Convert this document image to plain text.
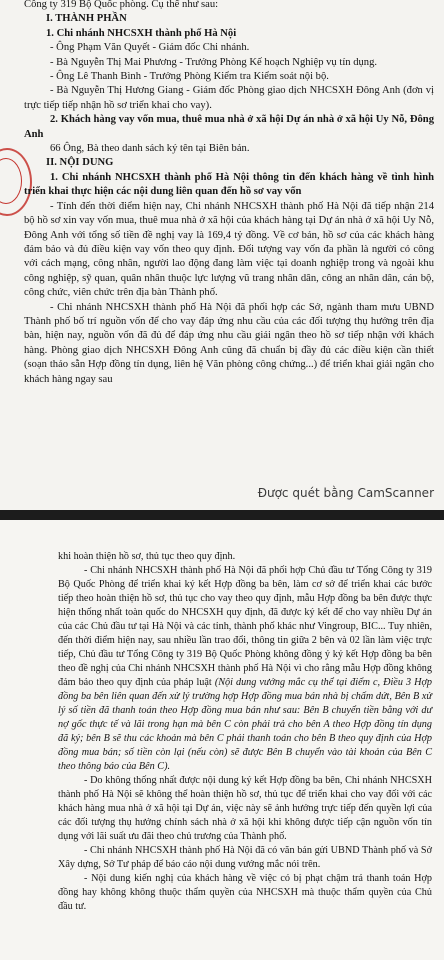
Công ty 319 Bộ Quốc phòng. Cụ thể như sau:

I. THÀNH PHẦN

1. Chi nhánh NHCSXH thành phố Hà Nội

- Ông Phạm Văn Quyết - Giám đốc Chi nhánh.

- Bà Nguyễn Thị Mai Phương - Trưởng Phòng Kế hoạch Nghiệp vụ tín dụng.

- Ông Lê Thanh Bình - Trưởng Phòng Kiểm tra Kiểm soát nội bộ.

- Bà Nguyễn Thị Hương Giang - Giám đốc Phòng giao dịch NHCSXH Đông Anh (đơn vị trực tiếp tiếp nhận hồ sơ triển khai cho vay).

2. Khách hàng vay vốn mua, thuê mua nhà ở xã hội Dự án nhà ở xã hội Uy Nỗ, Đông Anh

66 Ông, Bà theo danh sách ký tên tại Biên bản.

II. NỘI DUNG

1. Chi nhánh NHCSXH thành phố Hà Nội thông tin đến khách hàng về tình hình triển khai thực hiện các nội dung liên quan đến hồ sơ vay vốn

- Tính đến thời điểm hiện nay, Chi nhánh NHCSXH thành phố Hà Nội đã tiếp nhận 214 bộ hồ sơ xin vay vốn mua, thuê mua nhà ở xã hội của khách hàng tại Dự án nhà ở xã hội Uy Nỗ, Đông Anh với tổng số tiền đề nghị vay là 169,4 tỷ đồng. Về cơ bản, hồ sơ của các khách hàng đảm bảo và đủ điều kiện vay vốn theo quy định. Đối tượng vay vốn đa phần là người có công với cách mạng, công nhân, người lao động đang làm việc tại doanh nghiệp trong và ngoài khu công nghiệp, sỹ quan, quân nhân thuộc lực lượng vũ trang nhân dân, công an nhân dân, cán bộ, công chức, viên chức trên địa bàn Thành phố.

- Chi nhánh NHCSXH thành phố Hà Nội đã phối hợp các Sở, ngành tham mưu UBND Thành phố bố trí nguồn vốn để cho vay đáp ứng nhu cầu của các đối tượng thụ hưởng trên địa bàn, hiện nay, nguồn vốn đã đủ để đáp ứng nhu cầu giải ngân theo hồ sơ tiếp nhận với khách hàng. Phòng giao dịch NHCSXH Đông Anh cũng đã chuẩn bị đầy đủ các điều kiện cần thiết (soạn thảo sẵn Hợp đồng tín dụng, liên hệ Văn phòng công chứng...) để triển khai giải ngân cho khách hàng ngay sau

Được quét bằng CamScanner

khi hoàn thiện hồ sơ, thủ tục theo quy định.

- Chi nhánh NHCSXH thành phố Hà Nội đã phối hợp Chủ đầu tư Tổng Công ty 319 Bộ Quốc Phòng để triển khai ký kết Hợp đồng ba bên, làm cơ sở để triển khai các bước tiếp theo hoàn thiện hồ sơ, thủ tục cho vay theo quy định, mẫu Hợp đồng ba bên được thực hiện thống nhất toàn quốc do NHCSXH quy định, đã được ký kết để cho vay nhiều Dự án của các Chủ đầu tư tại Hà Nội và các tỉnh, thành phố khác như Vingroup, BIC... Tuy nhiên, đến thời điểm hiện nay, sau nhiều lần trao đổi, thông tin giữa 2 bên và 02 lần làm việc trực tiếp, Chủ đầu tư Tổng Công ty 319 Bộ Quốc Phòng không đồng ý ký kết Hợp đồng ba bên theo đề nghị của Chi nhánh NHCSXH thành phố Hà Nội vì cho rằng mẫu Hợp đồng không đảm bảo theo quy định của pháp luật (Nội dung vướng mắc cụ thể tại điểm c, Điều 3 Hợp đồng ba bên liên quan đến xử lý trường hợp Hợp đồng mua bán nhà bị chấm dứt, Bên B xử lý số tiền đã thanh toán theo Hợp đồng mua bán như sau: Bên B chuyển tiền bằng với dư nợ gốc thực tế và lãi trong hạn mà bên C còn phải trả cho bên A theo Hợp đồng tín dụng đã ký; bên B sẽ thu các khoản mà bên C phải thanh toán cho bên B theo quy định của Hợp đồng mua bán; số tiền còn lại (nếu còn) sẽ được Bên B chuyển vào tài khoản của Bên C theo thông báo của Bên C).

- Do không thống nhất được nội dung ký kết Hợp đồng ba bên, Chi nhánh NHCSXH thành phố Hà Nội sẽ không thể hoàn thiện hồ sơ, thủ tục để triển khai cho vay đối với các khách hàng mua nhà ở xã hội tại Dự án, việc này sẽ ảnh hưởng trực tiếp đến quyền lợi của các đối tượng thụ hưởng chính sách nhà ở xã hội khi không được tiếp cận nguồn vốn tín dụng với lãi suất ưu đãi theo chủ trương của Thành phố.

- Chi nhánh NHCSXH thành phố Hà Nội đã có văn bản gửi UBND Thành phố và Sở Xây dựng, Sở Tư pháp để báo cáo nội dung vướng mắc nói trên.

- Nội dung kiến nghị của khách hàng về việc có bị phạt chậm trả thanh toán Hợp đồng hay không không thuộc thẩm quyền của NHCSXH mà thuộc thẩm quyền của Chủ đầu tư.
